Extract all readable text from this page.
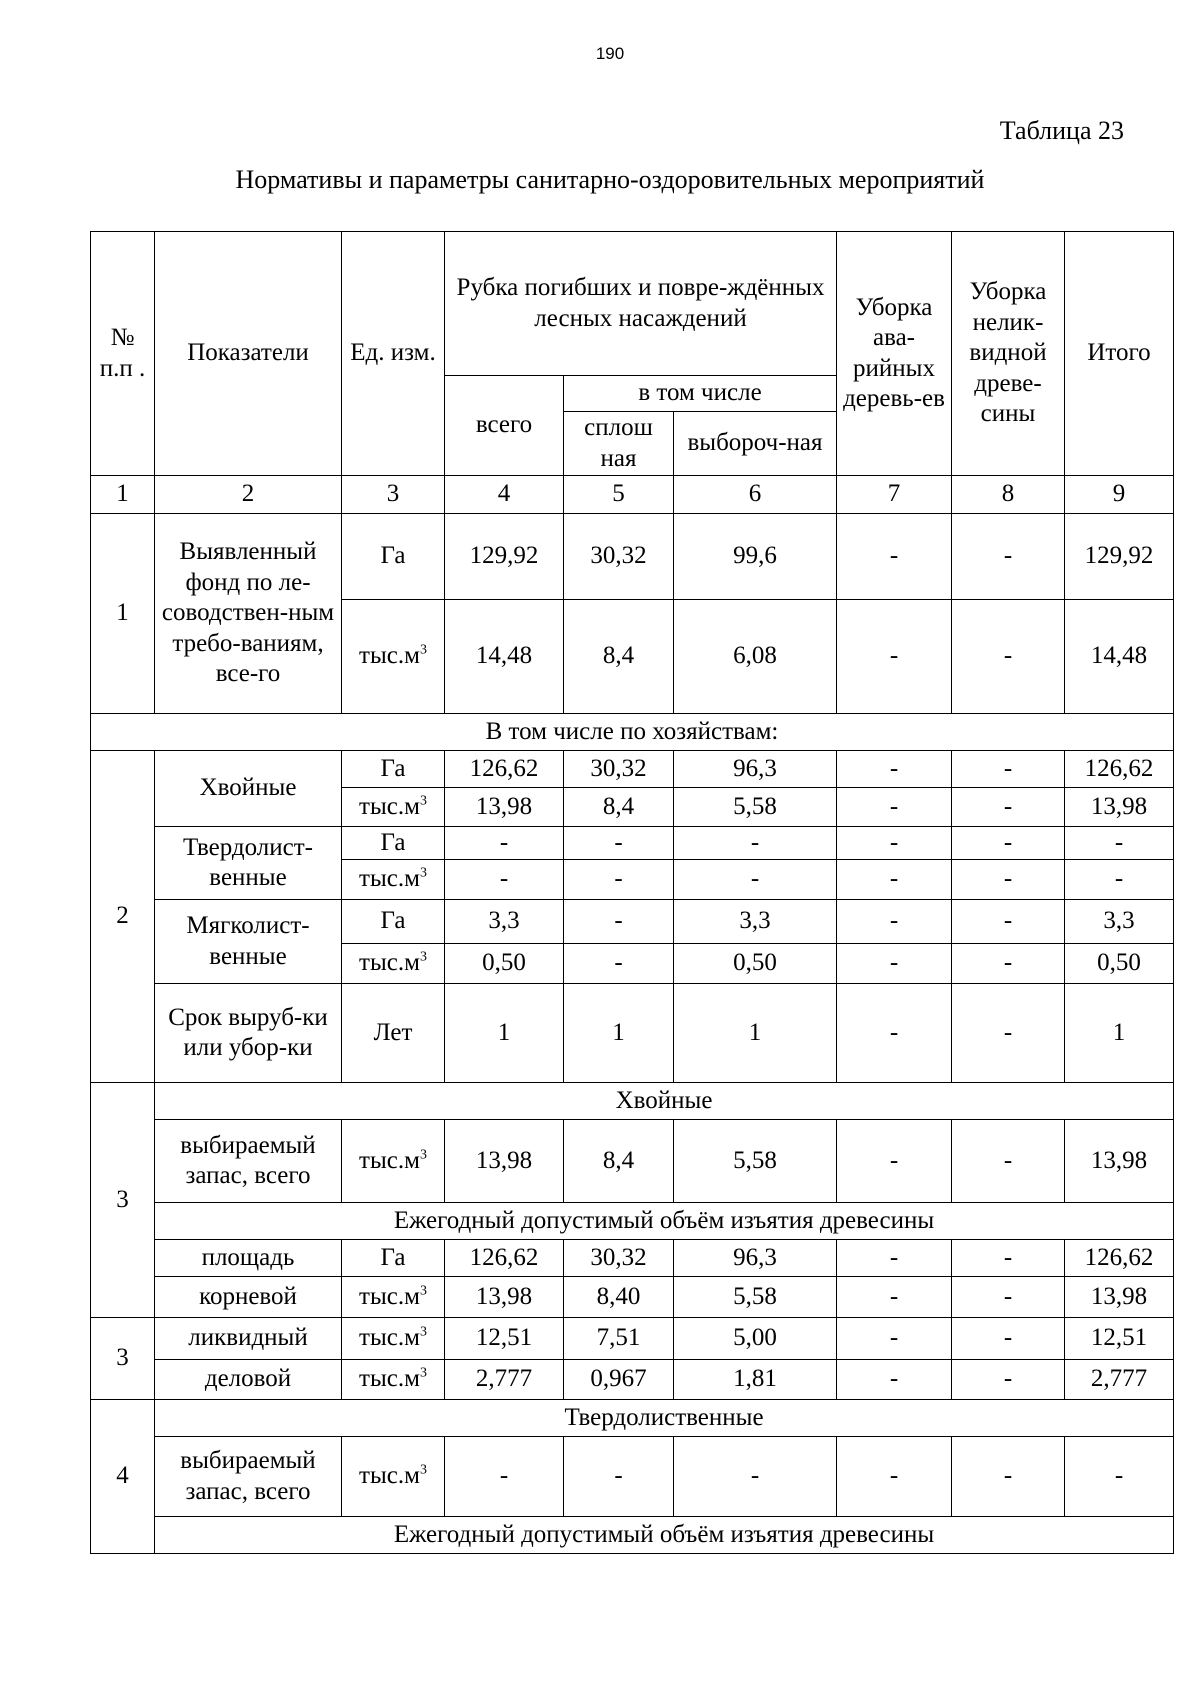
190
Таблица 23
Нормативы и параметры санитарно-оздоровительных мероприятий
№ п.п .	Показатели	Ед. изм.	Рубка погибших и повре-ждённых лесных насаждений			Уборка ава-рийных деревь-ев	Уборка нелик-видной древе-сины	Итого
			всего	в том числе				
				сплош ная	выбороч-ная			
1	2	3	4	5	6	7	8	9
1	Выявленный фонд по ле-соводствен-ным требо-ваниям, все-го	Га	129,92	30,32	99,6	-	-	129,92
		$тыс.м^3$	14,48	8,4	6,08	-	-	14,48
В том числе по хозяйствам:								
2	Хвойные	Га	126,62	30,32	96,3	-	-	126,62
		$тыс.м^3$	13,98	8,4	5,58	-	-	13,98
	Твердолист-венные	Га	-	-	-	-	-	-
		$тыс.м^3$	-	-	-	-	-	-
	Мягколист-венные	Га	3,3	-	3,3	-	-	3,3
		$тыс.м^3$	0,50	-	0,50	-	-	0,50
	Срок выруб-ки или убор-ки	Лет	1	1	1	-	-	1
3	Хвойные							
	выбираемый запас, всего	$тыс.м^3$	13,98	8,4	5,58	-	-	13,98
	Ежегодный допустимый объём изъятия древесины							
	площадь	Га	126,62	30,32	96,3	-	-	126,62
	корневой	$тыс.м^3$	13,98	8,40	5,58	-	-	13,98
3	ликвидный	$тыс.м^3$	12,51	7,51	5,00	-	-	12,51
	деловой	$тыс.м^3$	2,777	0,967	1,81	-	-	2,777
4	Твердолиственные							
	выбираемый запас, всего	$тыс.м^3$	-	-	-	-	-	-
	Ежегодный допустимый объём изъятия древесины							
